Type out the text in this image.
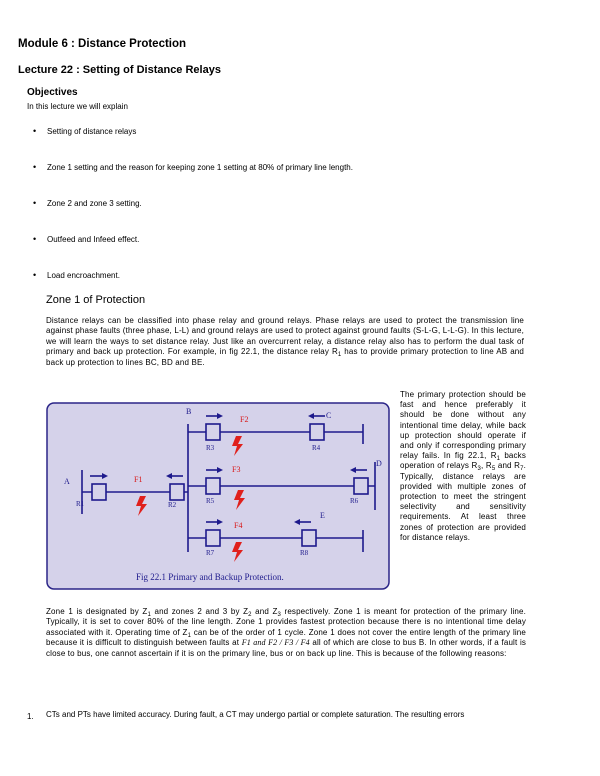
Module 6 : Distance Protection
Lecture 22 : Setting of Distance Relays
Objectives
In this lecture we will explain
• Setting of distance relays
• Zone 1 setting and the reason for keeping zone 1 setting at 80% of primary line length.
• Zone 2 and zone 3 setting.
• Outfeed and Infeed effect.
• Load encroachment.
Zone 1 of Protection
Distance relays can be classified into phase relay and ground relays. Phase relays are used to protect the transmission line against phase faults (three phase, L-L) and ground relays are used to protect against ground faults (S-L-G, L-L-G). In this lecture, we will learn the ways to set distance relay. Just like an overcurrent relay, a distance relay also has to perform the dual task of primary and back up protection. For example, in fig 22.1, the distance relay $R_1$ has to provide primary protection to line AB and back up protection to lines BC, BD and BE.
A
B	C
D
E
R1	R2
R3	R4
R5	R6
R7	R8
F1
F2
F3
F4
Fig 22.1 Primary and Backup Protection.
The primary protection should be fast and hence preferably it should be done without any intentional time delay, while back up protection should operate if and only if corresponding primary relay fails. In fig 22.1, $R_1$ backs operation of relays $R_3$, $R_5$ and $R_7$. Typically, distance relays are provided with multiple zones of protection to meet the stringent selectivity and sensitivity requirements. At least three zones of protection are provided for distance relays.
Zone 1 is designated by $Z_1$ and zones 2 and 3 by $Z_2$ and $Z_3$ respectively. Zone 1 is meant for protection of the primary line. Typically, it is set to cover 80% of the line length. Zone 1 provides fastest protection because there is no intentional time delay associated with it. Operating time of $Z_1$ can be of the order of 1 cycle. Zone 1 does not cover the entire length of the primary line because it is difficult to distinguish between faults at F1 and F2 / F3 / F4 all of which are close to bus B. In other words, if a fault is close to bus, one cannot ascertain if it is on the primary line, bus or on back up line. This is because of the following reasons:
1. CTs and PTs have limited accuracy. During fault, a CT may undergo partial or complete saturation. The resulting errors
